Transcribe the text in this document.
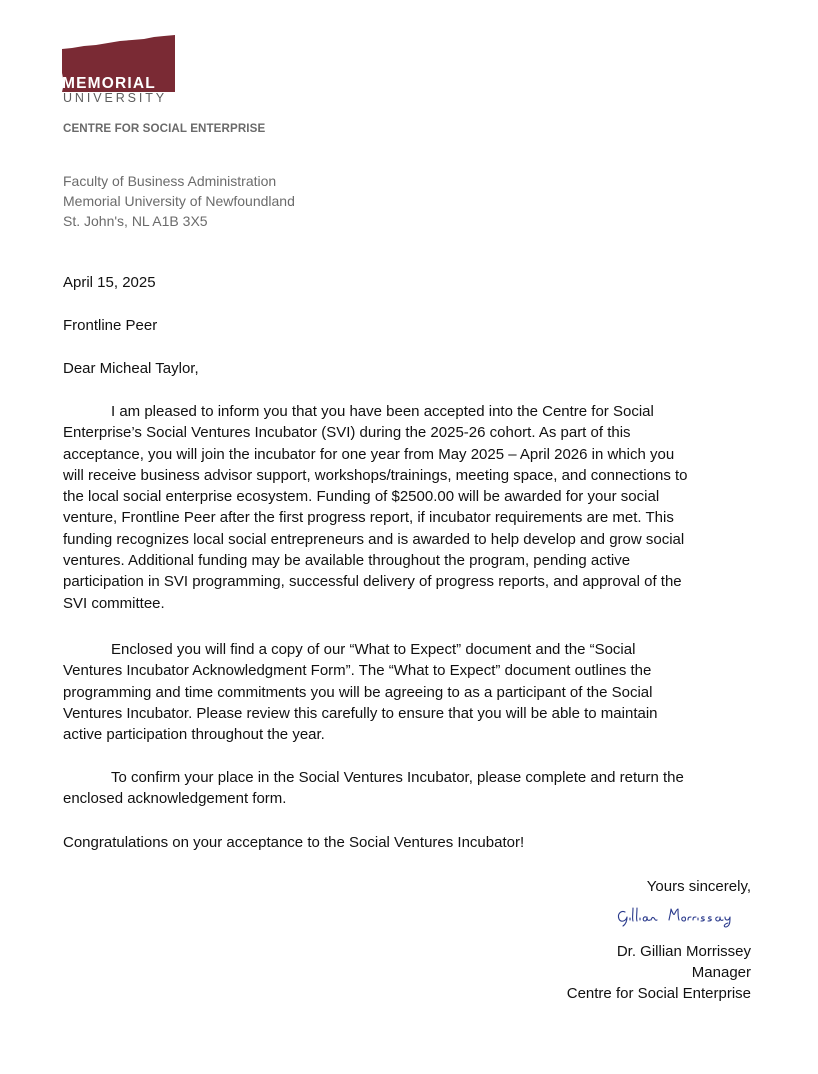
MEMORIAL
UNIVERSITY
CENTRE FOR SOCIAL ENTERPRISE
Faculty of Business Administration
Memorial University of Newfoundland
St. John's, NL A1B 3X5
April 15, 2025
Frontline Peer
Dear Micheal Taylor,
I am pleased to inform you that you have been accepted into the Centre for Social
Enterprise’s Social Ventures Incubator (SVI) during the 2025-26 cohort. As part of this
acceptance, you will join the incubator for one year from May 2025 – April 2026 in which you
will receive business advisor support, workshops/trainings, meeting space, and connections to
the local social enterprise ecosystem. Funding of $2500.00 will be awarded for your social
venture, Frontline Peer after the first progress report, if incubator requirements are met. This
funding recognizes local social entrepreneurs and is awarded to help develop and grow social
ventures. Additional funding may be available throughout the program, pending active
participation in SVI programming, successful delivery of progress reports, and approval of the
SVI committee.
Enclosed you will find a copy of our “What to Expect” document and the “Social
Ventures Incubator Acknowledgment Form”. The “What to Expect” document outlines the
programming and time commitments you will be agreeing to as a participant of the Social
Ventures Incubator. Please review this carefully to ensure that you will be able to maintain
active participation throughout the year.
To confirm your place in the Social Ventures Incubator, please complete and return the
enclosed acknowledgement form.
Congratulations on your acceptance to the Social Ventures Incubator!
Yours sincerely,
Dr. Gillian Morrissey
Manager
Centre for Social Enterprise
